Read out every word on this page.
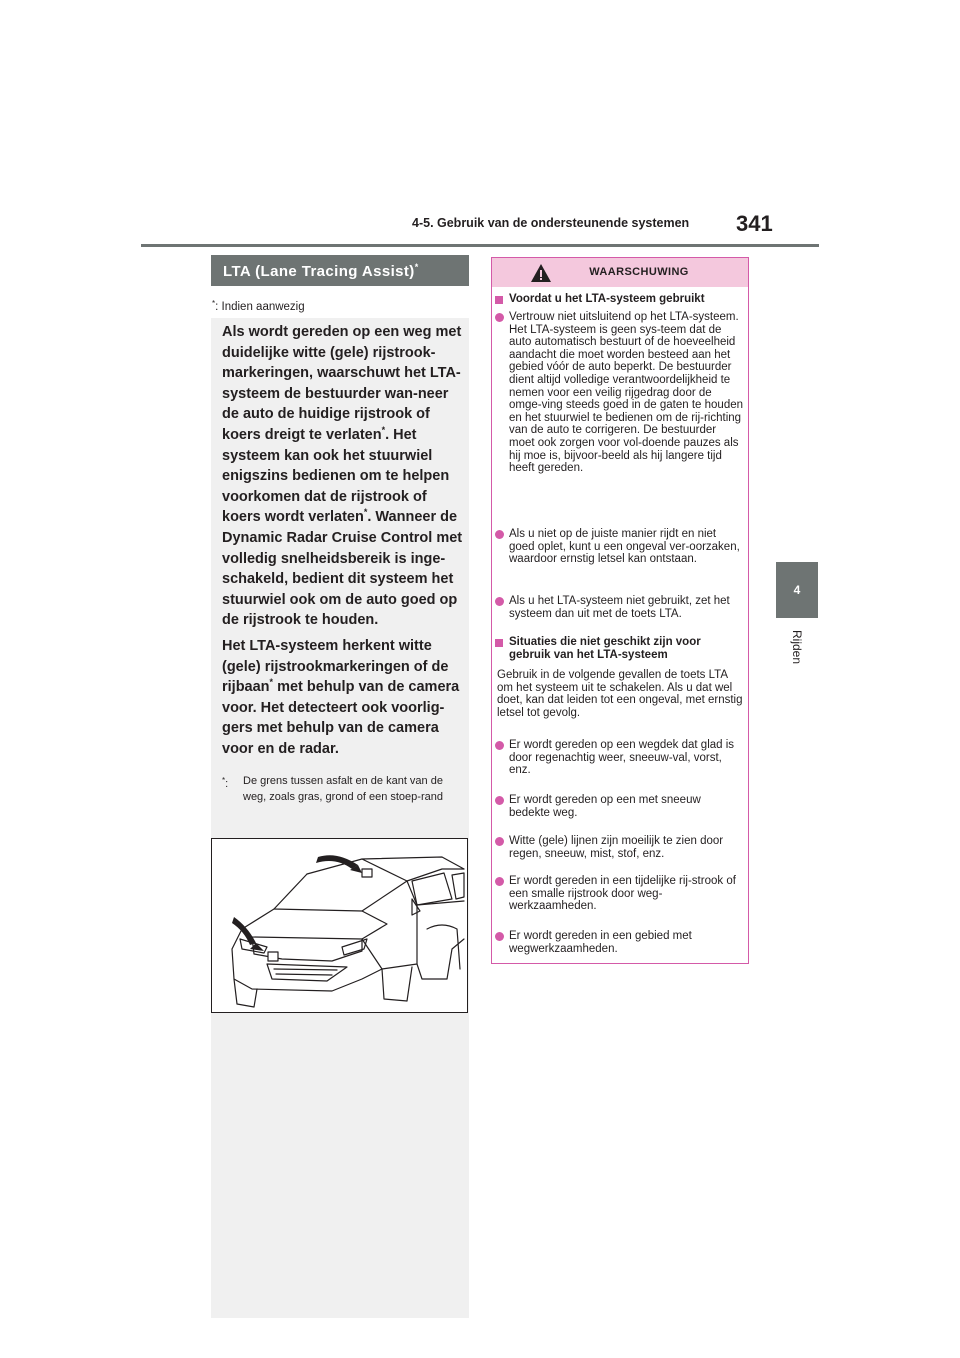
4-5. Gebruik van de ondersteunende systemen 341
4
Rijden
LTA (Lane Tracing Assist)*
*: Indien aanwezig
Als wordt gereden op een weg met duidelijke witte (gele) rijstrook-markeringen, waarschuwt het LTA-systeem de bestuurder wan-neer de auto de huidige rijstrook of koers dreigt te verlaten*. Het systeem kan ook het stuurwiel enigszins bedienen om te helpen voorkomen dat de rijstrook of koers wordt verlaten*. Wanneer de Dynamic Radar Cruise Control met volledig snelheidsbereik is inge-schakeld, bedient dit systeem het stuurwiel ook om de auto goed op de rijstrook te houden.
Het LTA-systeem herkent witte (gele) rijstrookmarkeringen of de rijbaan* met behulp van de camera voor. Het detecteert ook voorlig-gers met behulp van de camera voor en de radar.
*:	De grens tussen asfalt en de kant van de weg, zoals gras, grond of een stoep-rand
WAARSCHUWING
Voordat u het LTA-systeem gebruikt
Vertrouw niet uitsluitend op het LTA-systeem. Het LTA-systeem is geen sys-teem dat de auto automatisch bestuurt of de hoeveelheid aandacht die moet worden besteed aan het gebied vóór de auto beperkt. De bestuurder dient altijd volledige verantwoordelijkheid te nemen voor een veilig rijgedrag door de omge-ving steeds goed in de gaten te houden en het stuurwiel te bedienen om de rij-richting van de auto te corrigeren. De bestuurder moet ook zorgen voor vol-doende pauzes als hij moe is, bijvoor-beeld als hij langere tijd heeft gereden.
Als u niet op de juiste manier rijdt en niet goed oplet, kunt u een ongeval ver-oorzaken, waardoor ernstig letsel kan ontstaan.
Als u het LTA-systeem niet gebruikt, zet het systeem dan uit met de toets LTA.
Situaties die niet geschikt zijn voor gebruik van het LTA-systeem
Gebruik in de volgende gevallen de toets LTA om het systeem uit te schakelen. Als u dat wel doet, kan dat leiden tot een ongeval, met ernstig letsel tot gevolg.
Er wordt gereden op een wegdek dat glad is door regenachtig weer, sneeuw-val, vorst, enz.
Er wordt gereden op een met sneeuw bedekte weg.
Witte (gele) lijnen zijn moeilijk te zien door regen, sneeuw, mist, stof, enz.
Er wordt gereden in een tijdelijke rij-strook of een smalle rijstrook door weg-werkzaamheden.
Er wordt gereden in een gebied met wegwerkzaamheden.
